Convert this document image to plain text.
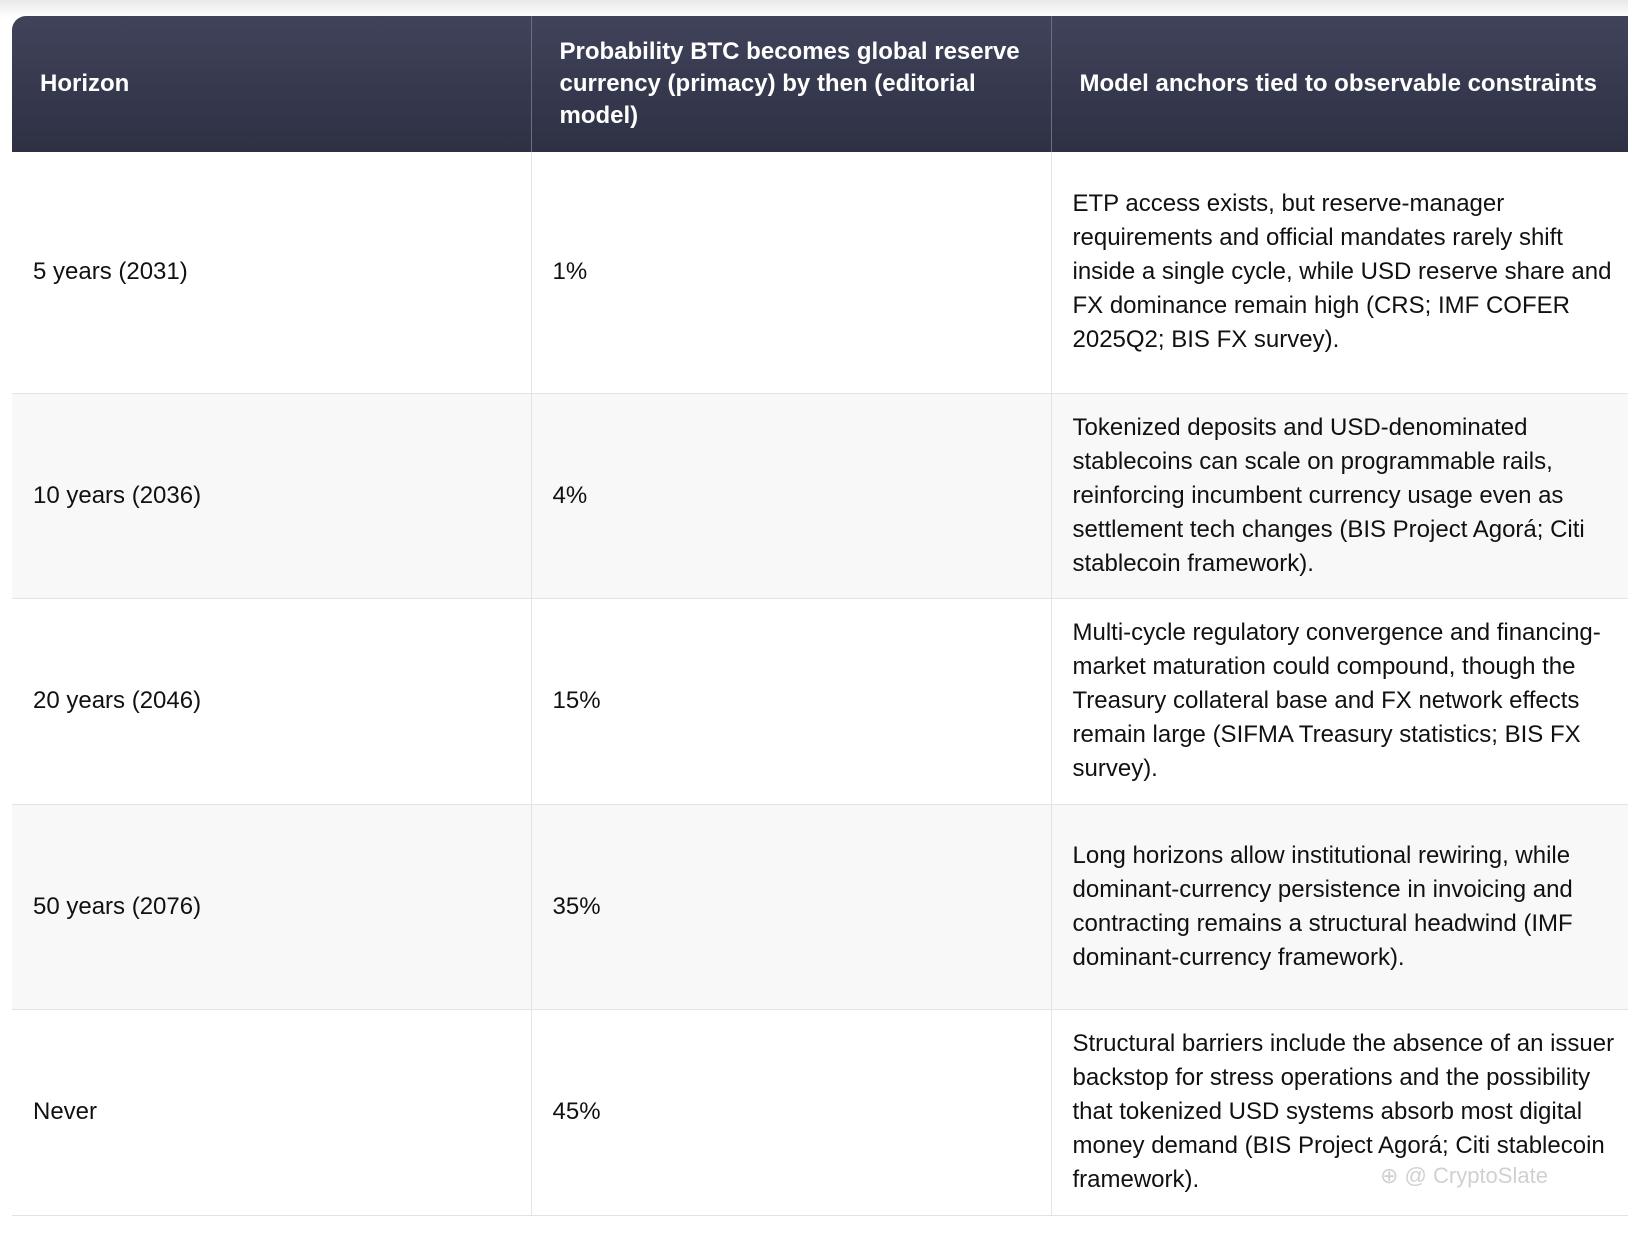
Horizon	Probability BTC becomes global reserve currency (primacy) by then (editorial model)	Model anchors tied to observable constraints
5 years (2031)	1%	ETP access exists, but reserve-manager requirements and official mandates rarely shift inside a single cycle, while USD reserve share and FX dominance remain high (CRS; IMF COFER 2025Q2; BIS FX survey).
10 years (2036)	4%	Tokenized deposits and USD-denominated stablecoins can scale on programmable rails, reinforcing incumbent currency usage even as settlement tech changes (BIS Project Agorá; Citi stablecoin framework).
20 years (2046)	15%	Multi-cycle regulatory convergence and financing-market maturation could compound, though the Treasury collateral base and FX network effects remain large (SIFMA Treasury statistics; BIS FX survey).
50 years (2076)	35%	Long horizons allow institutional rewiring, while dominant-currency persistence in invoicing and contracting remains a structural headwind (IMF dominant-currency framework).
Never	45%	Structural barriers include the absence of an issuer backstop for stress operations and the possibility that tokenized USD systems absorb most digital money demand (BIS Project Agorá; Citi stablecoin framework).	⊕ @ CryptoSlate
